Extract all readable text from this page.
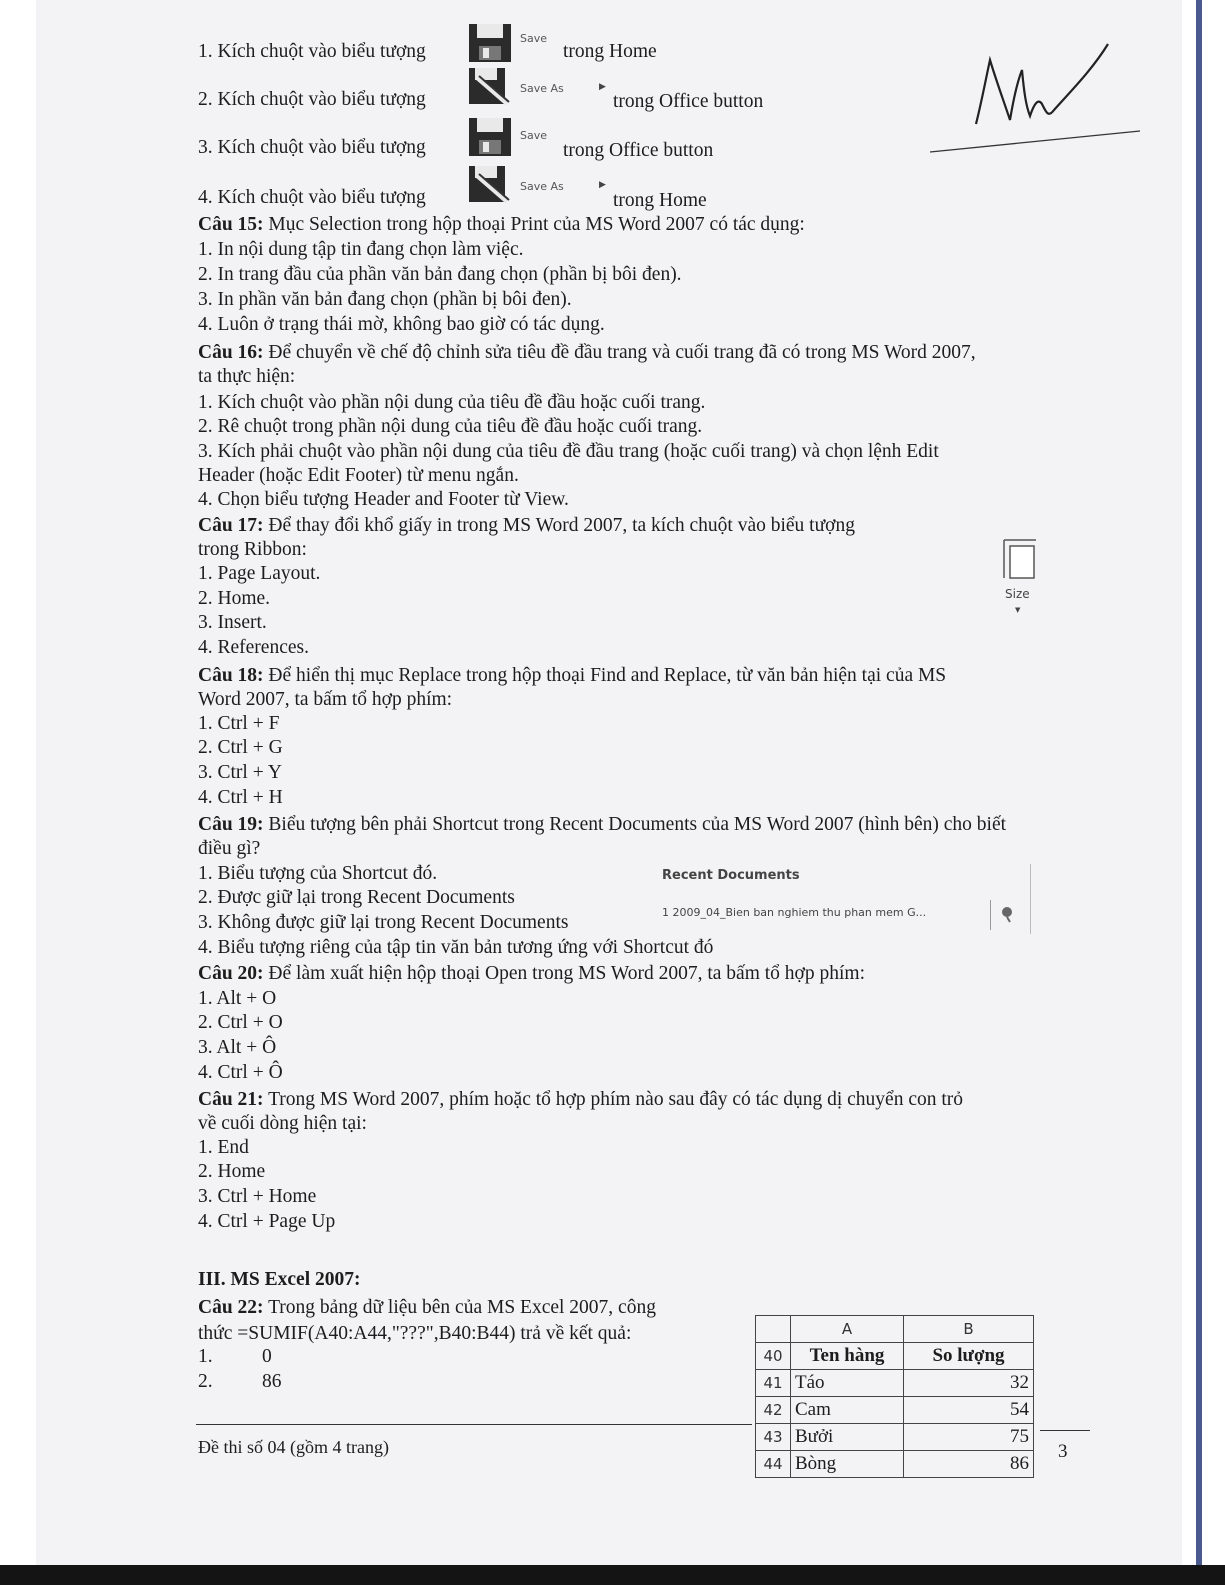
1. Kích chuột vào biểu tượng
Save
trong Home
2. Kích chuột vào biểu tượng
Save As	▶
trong Office button
3. Kích chuột vào biểu tượng
Save
trong Office button
4. Kích chuột vào biểu tượng
Save As	▶
trong Home
Câu 15: Mục Selection trong hộp thoại Print của MS Word 2007 có tác dụng:
1. In nội dung tập tin đang chọn làm việc.
2. In trang đầu của phần văn bản đang chọn (phần bị bôi đen).
3. In phần văn bản đang chọn (phần bị bôi đen).
4. Luôn ở trạng thái mờ, không bao giờ có tác dụng.
Câu 16: Để chuyển về chế độ chỉnh sửa tiêu đề đầu trang và cuối trang đã có trong MS Word 2007,
ta thực hiện:
1. Kích chuột vào phần nội dung của tiêu đề đầu hoặc cuối trang.
2. Rê chuột trong phần nội dung của tiêu đề đầu hoặc cuối trang.
3. Kích phải chuột vào phần nội dung của tiêu đề đầu trang (hoặc cuối trang) và chọn lệnh Edit
Header (hoặc Edit Footer) từ menu ngắn.
4. Chọn biểu tượng Header and Footer từ View.
Câu 17: Để thay đổi khổ giấy in trong MS Word 2007, ta kích chuột vào biểu tượng
trong Ribbon:
1. Page Layout.
2. Home.
3. Insert.
4. References.
Size
▼
Câu 18: Để hiển thị mục Replace trong hộp thoại Find and Replace, từ văn bản hiện tại của MS
Word 2007, ta bấm tổ hợp phím:
1. Ctrl + F
2. Ctrl + G
3. Ctrl + Y
4. Ctrl + H
Câu 19: Biểu tượng bên phải Shortcut trong Recent Documents của MS Word 2007 (hình bên) cho biết
điều gì?
1. Biểu tượng của Shortcut đó.
2. Được giữ lại trong Recent Documents
3. Không được giữ lại trong Recent Documents
4. Biểu tượng riêng của tập tin văn bản tương ứng với Shortcut đó
Recent Documents
1 2009_04_Bien ban nghiem thu phan mem G...
Câu 20: Để làm xuất hiện hộp thoại Open trong MS Word 2007, ta bấm tổ hợp phím:
1. Alt + O
2. Ctrl + O
3. Alt + Ô
4. Ctrl + Ô
Câu 21: Trong MS Word 2007, phím hoặc tổ hợp phím nào sau đây có tác dụng dị chuyển con trỏ
về cuối dòng hiện tại:
1. End
2. Home
3. Ctrl + Home
4. Ctrl + Page Up
III. MS Excel 2007:
Câu 22: Trong bảng dữ liệu bên của MS Excel 2007, công
thức =SUMIF(A40:A44,"???",B40:B44) trả về kết quả:
1.	0
2.	86
	A	B
40	Ten hàng	So lượng
41	Táo	32
42	Cam	54
43	Bưởi	75
44	Bòng	86
Đề thi số 04 (gồm 4 trang)	3
